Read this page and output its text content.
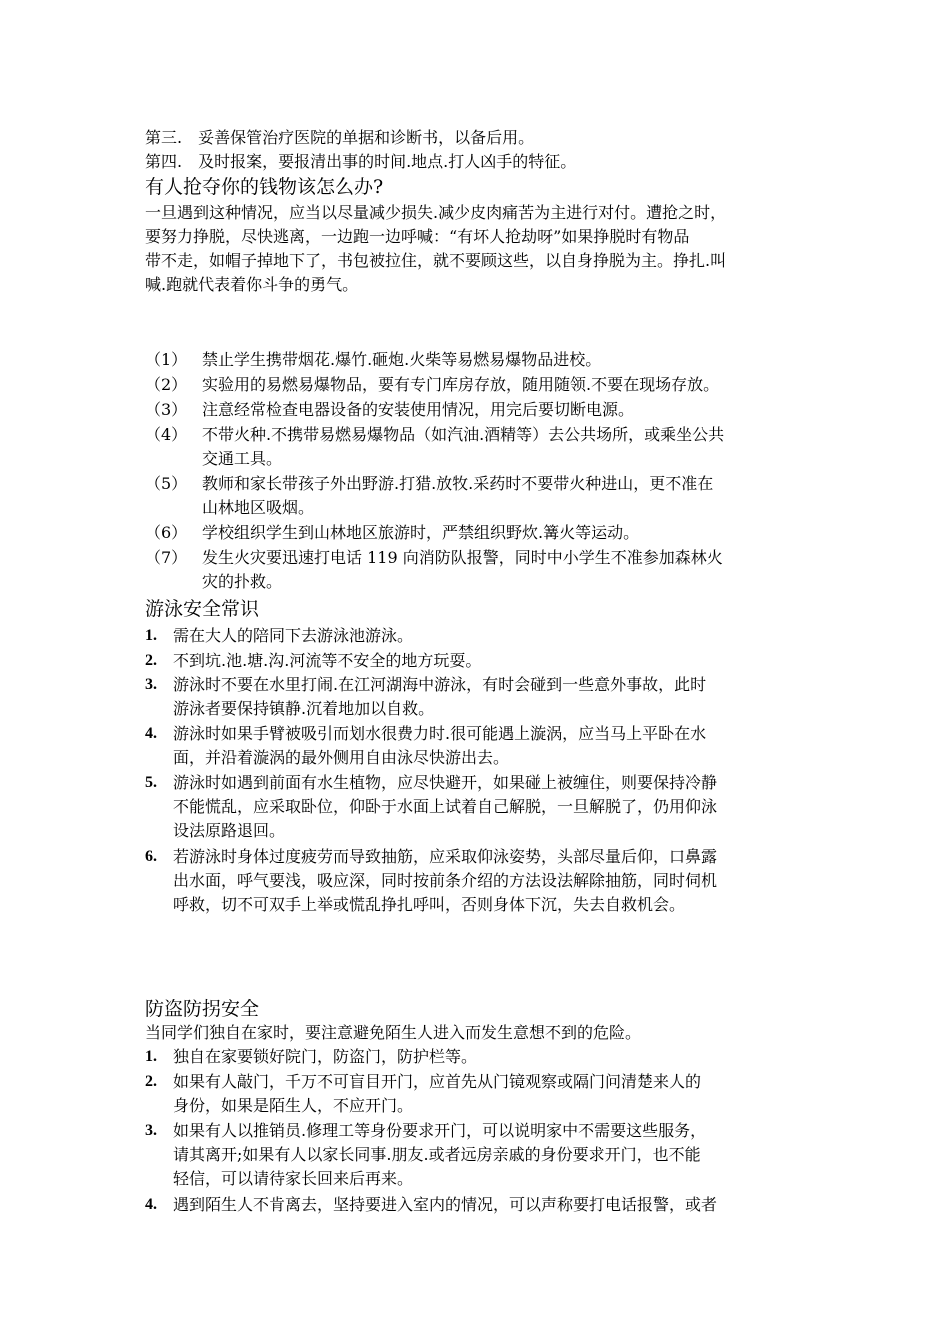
第三.　妥善保管治疗医院的单据和诊断书，以备后用。
第四.　及时报案，要报清出事的时间.地点.打人凶手的特征。
有人抢夺你的钱物该怎么办?
一旦遇到这种情况，应当以尽量减少损失.减少皮肉痛苦为主进行对付。遭抢之时，
要努力挣脱，尽快逃离，一边跑一边呼喊：“有坏人抢劫呀”如果挣脱时有物品
带不走，如帽子掉地下了，书包被拉住，就不要顾这些，以自身挣脱为主。挣扎.叫
喊.跑就代表着你斗争的勇气。
（1） 禁止学生携带烟花.爆竹.砸炮.火柴等易燃易爆物品进校。
（2） 实验用的易燃易爆物品，要有专门库房存放，随用随领.不要在现场存放。
（3） 注意经常检查电器设备的安装使用情况，用完后要切断电源。
（4） 不带火种.不携带易燃易爆物品（如汽油.酒精等）去公共场所，或乘坐公共
交通工具。
（5） 教师和家长带孩子外出野游.打猎.放牧.采药时不要带火种进山，更不准在
山林地区吸烟。
（6） 学校组织学生到山林地区旅游时，严禁组织野炊.篝火等运动。
（7） 发生火灾要迅速打电话 119 向消防队报警，同时中小学生不准参加森林火
灾的扑救。
游泳安全常识
1.	需在大人的陪同下去游泳池游泳。
2.	不到坑.池.塘.沟.河流等不安全的地方玩耍。
3.	游泳时不要在水里打闹.在江河湖海中游泳，有时会碰到一些意外事故，此时
游泳者要保持镇静.沉着地加以自救。
4.	游泳时如果手臂被吸引而划水很费力时.很可能遇上漩涡，应当马上平卧在水
面，并沿着漩涡的最外侧用自由泳尽快游出去。
5.	游泳时如遇到前面有水生植物，应尽快避开，如果碰上被缠住，则要保持冷静
不能慌乱，应采取卧位，仰卧于水面上试着自己解脱，一旦解脱了，仍用仰泳
设法原路退回。
6.	若游泳时身体过度疲劳而导致抽筋，应采取仰泳姿势，头部尽量后仰，口鼻露
出水面，呼气要浅，吸应深，同时按前条介绍的方法设法解除抽筋，同时伺机
呼救，切不可双手上举或慌乱挣扎呼叫，否则身体下沉，失去自救机会。
防盗防拐安全
当同学们独自在家时，要注意避免陌生人进入而发生意想不到的危险。
1.	独自在家要锁好院门，防盗门，防护栏等。
2.	如果有人敲门，千万不可盲目开门，应首先从门镜观察或隔门问清楚来人的
身份，如果是陌生人，不应开门。
3.	如果有人以推销员.修理工等身份要求开门，可以说明家中不需要这些服务，
请其离开;如果有人以家长同事.朋友.或者远房亲戚的身份要求开门，也不能
轻信，可以请待家长回来后再来。
4.	遇到陌生人不肯离去，坚持要进入室内的情况，可以声称要打电话报警，或者
